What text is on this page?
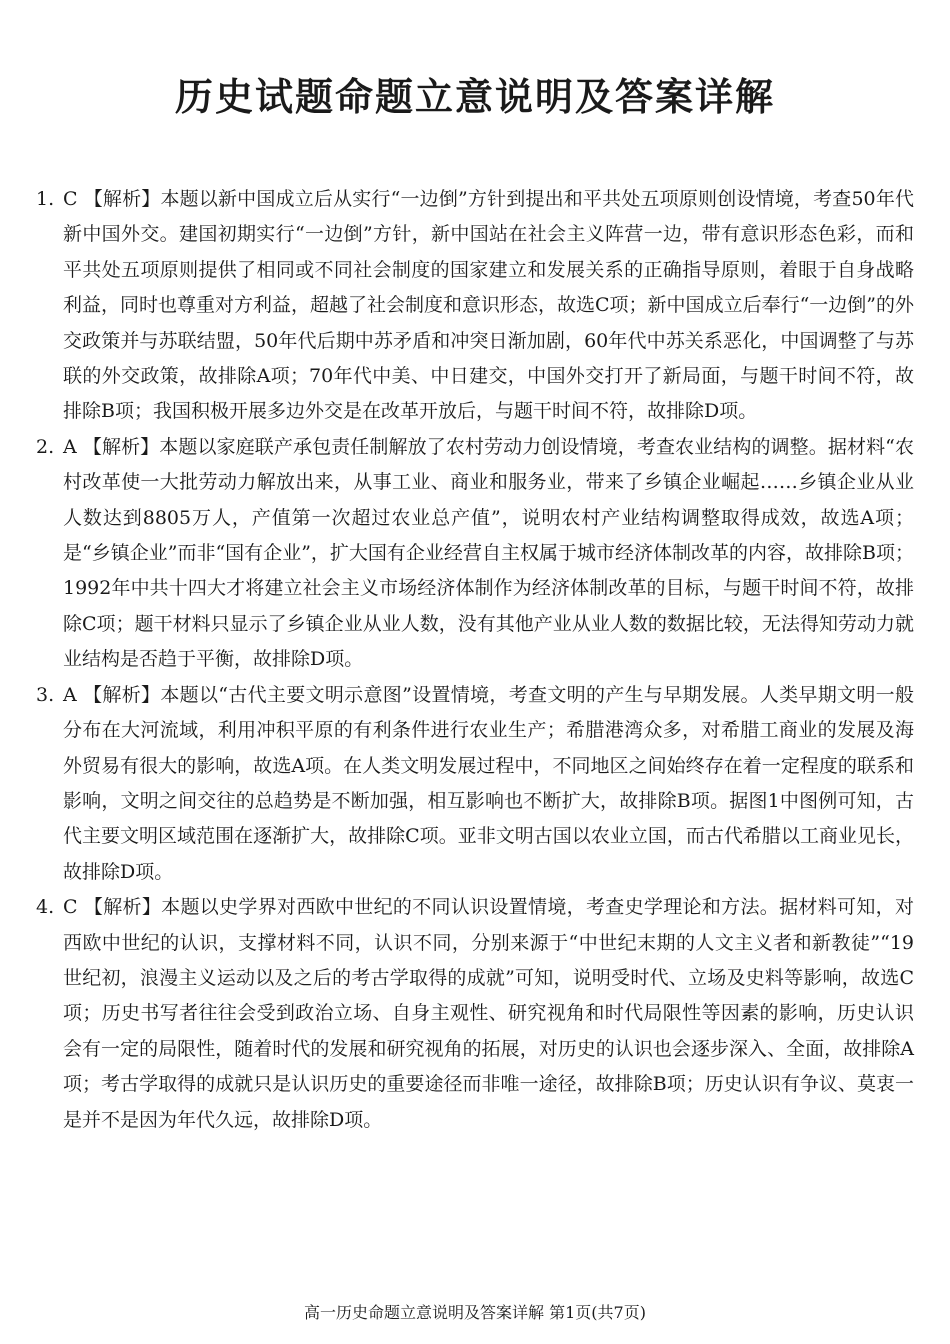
历史试题命题立意说明及答案详解
1. C 【解析】本题以新中国成立后从实行“一边倒”方针到提出和平共处五项原则创设情境，考查50年代新中国外交。建国初期实行“一边倒”方针，新中国站在社会主义阵营一边，带有意识形态色彩，而和平共处五项原则提供了相同或不同社会制度的国家建立和发展关系的正确指导原则，着眼于自身战略利益，同时也尊重对方利益，超越了社会制度和意识形态，故选C项；新中国成立后奉行“一边倒”的外交政策并与苏联结盟，50年代后期中苏矛盾和冲突日渐加剧，60年代中苏关系恶化，中国调整了与苏联的外交政策，故排除A项；70年代中美、中日建交，中国外交打开了新局面，与题干时间不符，故排除B项；我国积极开展多边外交是在改革开放后，与题干时间不符，故排除D项。
2. A 【解析】本题以家庭联产承包责任制解放了农村劳动力创设情境，考查农业结构的调整。据材料“农村改革使一大批劳动力解放出来，从事工业、商业和服务业，带来了乡镇企业崛起……乡镇企业从业人数达到8805万人，产值第一次超过农业总产值”，说明农村产业结构调整取得成效，故选A项；是“乡镇企业”而非“国有企业”，扩大国有企业经营自主权属于城市经济体制改革的内容，故排除B项；1992年中共十四大才将建立社会主义市场经济体制作为经济体制改革的目标，与题干时间不符，故排除C项；题干材料只显示了乡镇企业从业人数，没有其他产业从业人数的数据比较，无法得知劳动力就业结构是否趋于平衡，故排除D项。
3. A 【解析】本题以“古代主要文明示意图”设置情境，考查文明的产生与早期发展。人类早期文明一般分布在大河流域，利用冲积平原的有利条件进行农业生产；希腊港湾众多，对希腊工商业的发展及海外贸易有很大的影响，故选A项。在人类文明发展过程中，不同地区之间始终存在着一定程度的联系和影响，文明之间交往的总趋势是不断加强，相互影响也不断扩大，故排除B项。据图1中图例可知，古代主要文明区域范围在逐渐扩大，故排除C项。亚非文明古国以农业立国，而古代希腊以工商业见长，故排除D项。
4. C 【解析】本题以史学界对西欧中世纪的不同认识设置情境，考查史学理论和方法。据材料可知，对西欧中世纪的认识，支撑材料不同，认识不同，分别来源于“中世纪末期的人文主义者和新教徒”“19世纪初，浪漫主义运动以及之后的考古学取得的成就”可知，说明受时代、立场及史料等影响，故选C项；历史书写者往往会受到政治立场、自身主观性、研究视角和时代局限性等因素的影响，历史认识会有一定的局限性，随着时代的发展和研究视角的拓展，对历史的认识也会逐步深入、全面，故排除A项；考古学取得的成就只是认识历史的重要途径而非唯一途径，故排除B项；历史认识有争议、莫衷一是并不是因为年代久远，故排除D项。
高一历史命题立意说明及答案详解 第1页(共7页)
